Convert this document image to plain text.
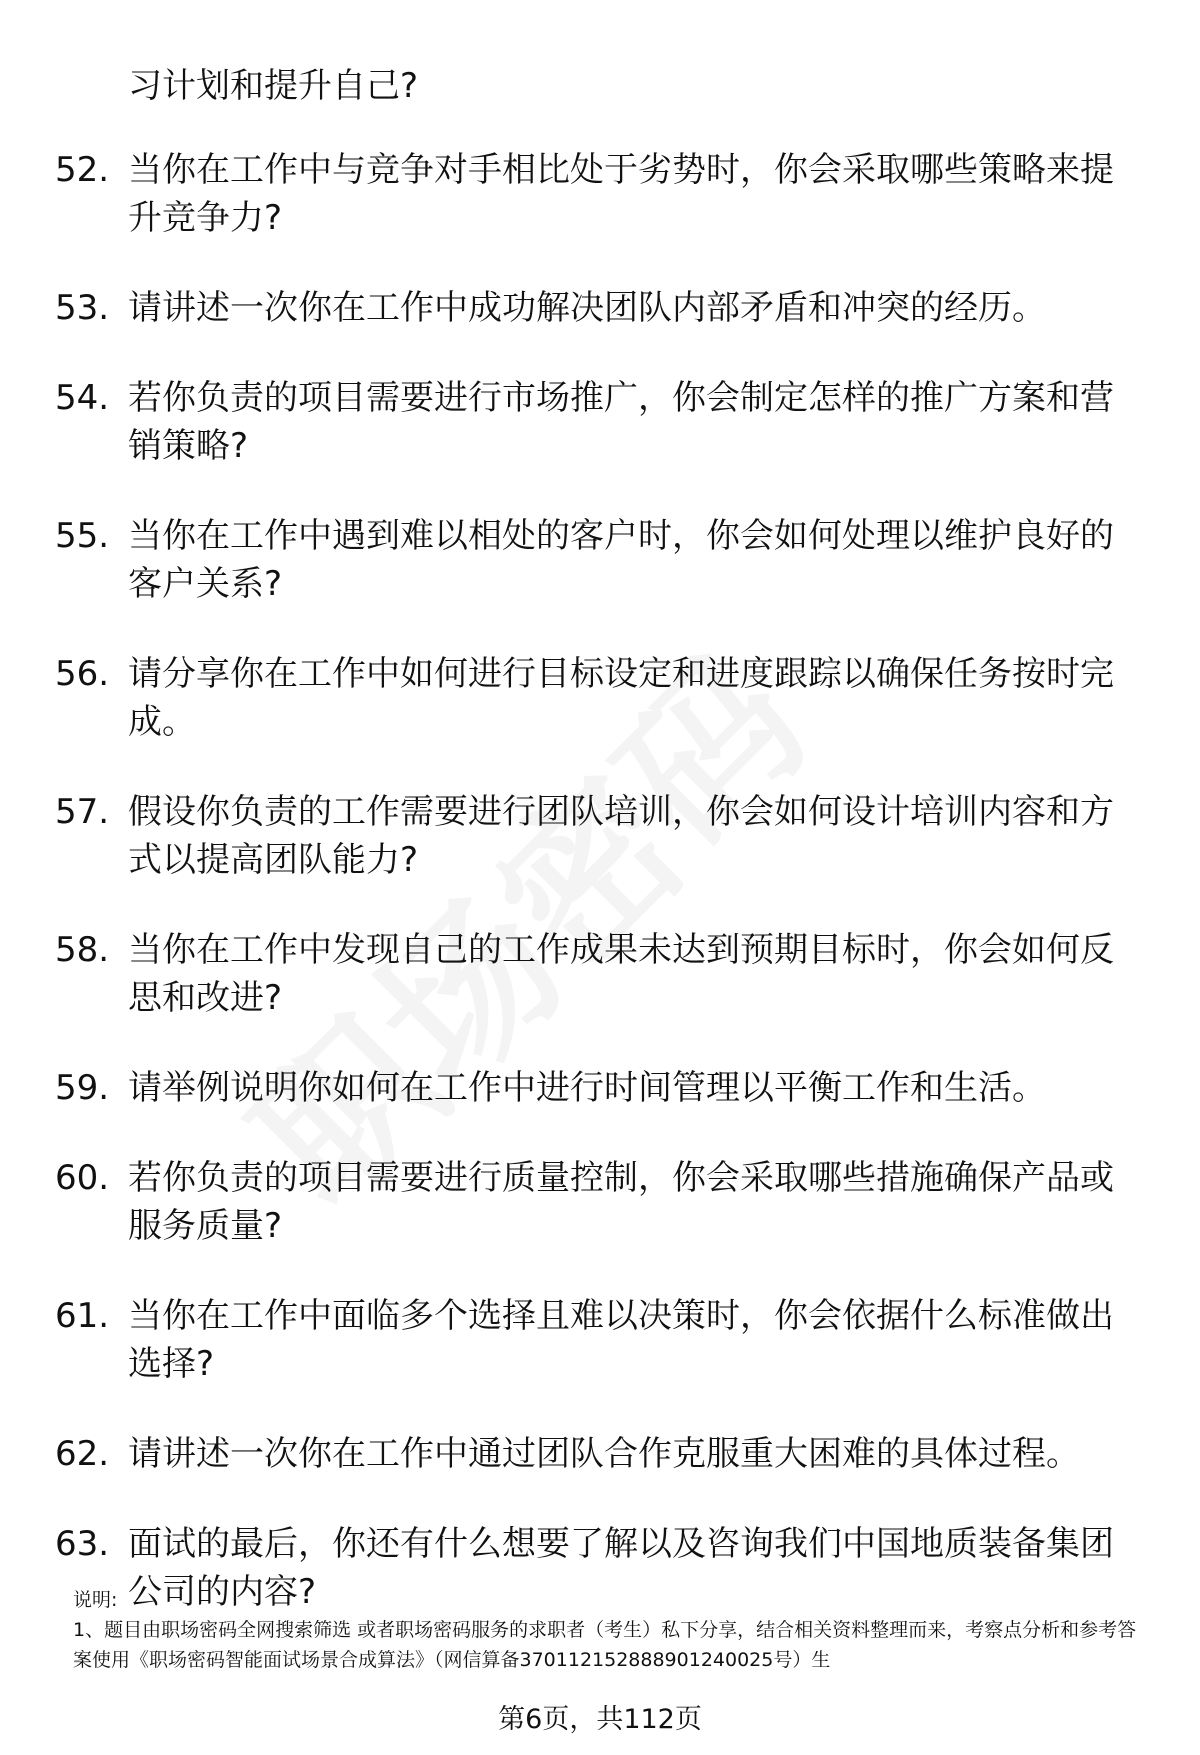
习计划和提升自己?
52. 当你在工作中与竞争对手相比处于劣势时，你会采取哪些策略来提升竞争力?
53. 请讲述一次你在工作中成功解决团队内部矛盾和冲突的经历。
54. 若你负责的项目需要进行市场推广，你会制定怎样的推广方案和营销策略?
55. 当你在工作中遇到难以相处的客户时，你会如何处理以维护良好的客户关系?
56. 请分享你在工作中如何进行目标设定和进度跟踪以确保任务按时完成。
57. 假设你负责的工作需要进行团队培训，你会如何设计培训内容和方式以提高团队能力?
58. 当你在工作中发现自己的工作成果未达到预期目标时，你会如何反思和改进?
59. 请举例说明你如何在工作中进行时间管理以平衡工作和生活。
60. 若你负责的项目需要进行质量控制，你会采取哪些措施确保产品或服务质量?
61. 当你在工作中面临多个选择且难以决策时，你会依据什么标准做出选择?
62. 请讲述一次你在工作中通过团队合作克服重大困难的具体过程。
63. 面试的最后，你还有什么想要了解以及咨询我们中国地质装备集团公司的内容?
说明:
1、题目由职场密码全网搜索筛选 或者职场密码服务的求职者（考生）私下分享，结合相关资料整理而来，考察点分析和参考答案使用《职场密码智能面试场景合成算法》（网信算备370112152888901240025号）生
第6页，共112页
